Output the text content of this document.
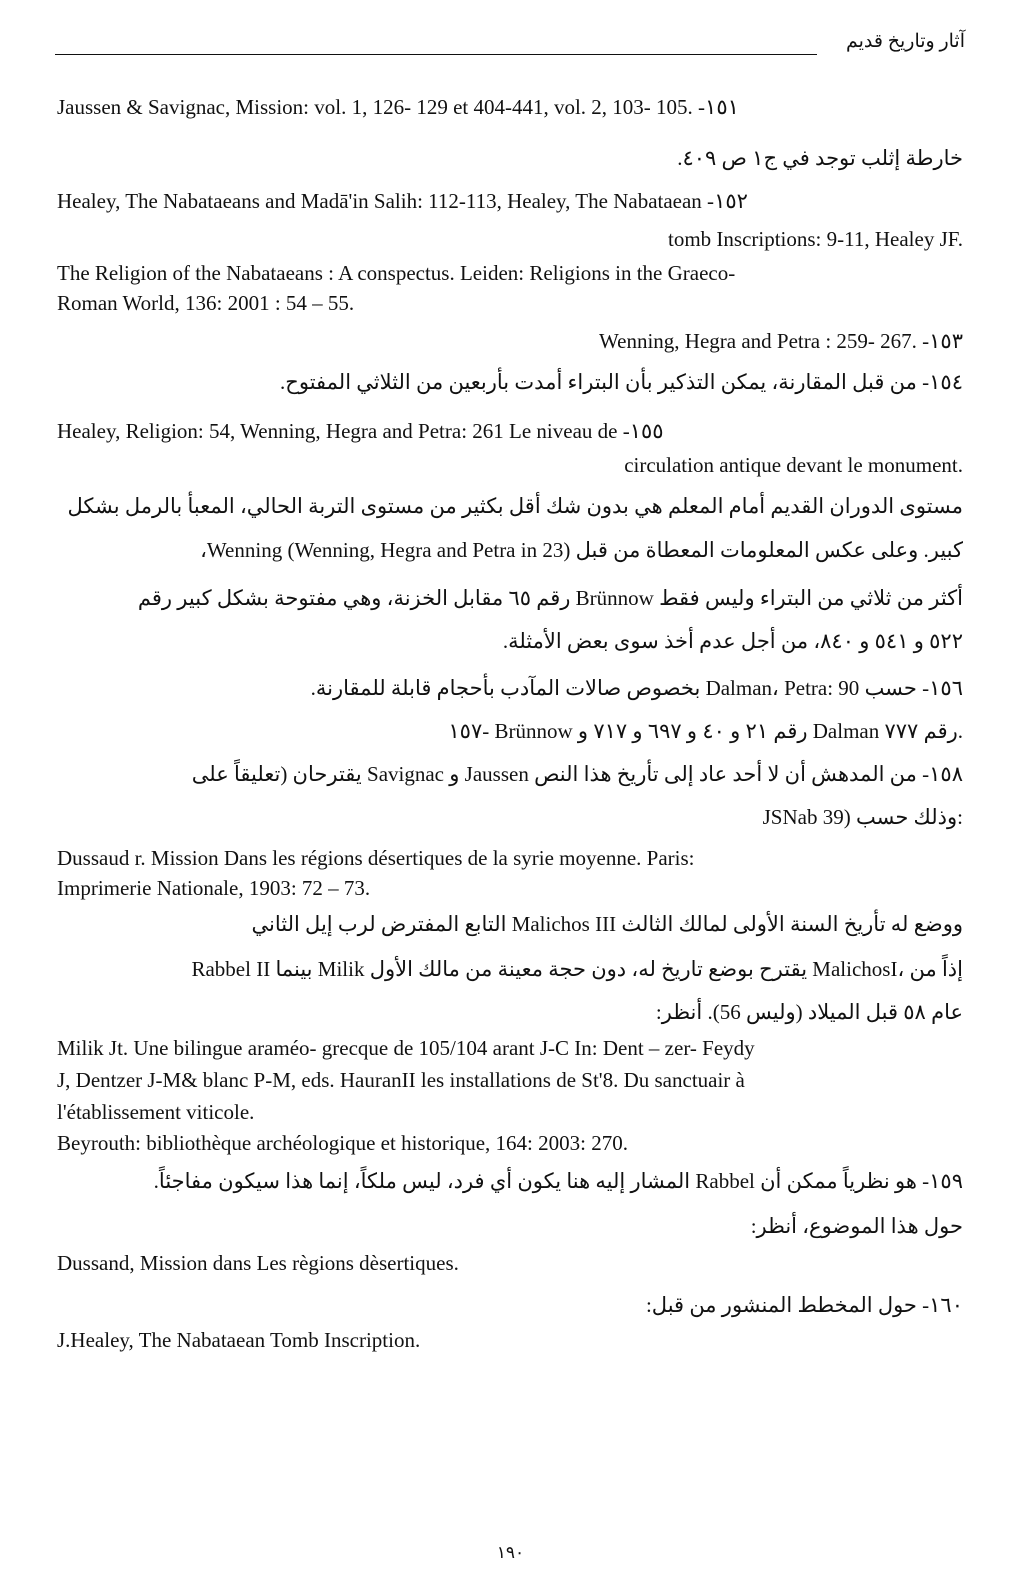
آثار وتاريخ قديم
Jaussen & Savignac, Mission: vol. 1, 126- 129 et 404-441, vol. 2, 103- 105. -١٥١
خارطة إثلب توجد في ج١ ص ٤٠٩.
Healey, The Nabataeans and Madā'in Salih: 112-113, Healey, The Nabataean -١٥٢
tomb Inscriptions: 9-11, Healey JF.
The Religion of the Nabataeans : A conspectus. Leiden: Religions in the Graeco-
Roman World, 136: 2001 : 54 – 55.
Wenning, Hegra and Petra : 259- 267. -١٥٣
١٥٤- من قبل المقارنة، يمكن التذكير بأن البتراء أمدت بأربعين من الثلاثي المفتوح.
Healey, Religion: 54, Wenning, Hegra and Petra: 261 Le niveau de -١٥٥
circulation antique devant le monument.
مستوى الدوران القديم أمام المعلم هي بدون شك أقل بكثير من مستوى التربة الحالي، المعبأ بالرمل بشكل
كبير. وعلى عكس المعلومات المعطاة من قبل Wenning (Wenning, Hegra and Petra in 23)،
أكثر من ثلاثي من البتراء وليس فقط Brünnow رقم ٦٥ مقابل الخزنة، وهي مفتوحة بشكل كبير رقم
٥٢٢ و ٥٤١ و ٨٤٠، من أجل عدم أخذ سوى بعض الأمثلة.
١٥٦- حسب Dalman، Petra: 90 بخصوص صالات المآدب بأحجام قابلة للمقارنة.
١٥٧- Brünnow رقم ٢١ و ٤٠ و ٦٩٧ و ٧١٧ و Dalman رقم ٧٧٧.
١٥٨- من المدهش أن لا أحد عاد إلى تأريخ هذا النص Jaussen و Savignac يقترحان (تعليقاً على
JSNab 39) وذلك حسب:
Dussaud r. Mission Dans les régions désertiques de la syrie moyenne. Paris:
Imprimerie Nationale, 1903: 72 – 73.
ووضع له تأريخ السنة الأولى لمالك الثالث Malichos III التابع المفترض لرب إيل الثاني
Rabbel II بينما Milik يقترح بوضع تاريخ له، دون حجة معينة من مالك الأول MalichosI، إذاً من
عام ٥٨ قبل الميلاد (وليس 56). أنظر:
Milik Jt. Une bilingue araméo- grecque de 105/104 arant J-C In: Dent – zer- Feydy
J, Dentzer J-M& blanc P-M, eds. HauranII les installations de St'8. Du sanctuair à
l'établissement viticole.
Beyrouth: bibliothèque archéologique et historique, 164: 2003: 270.
١٥٩- هو نظرياً ممكن أن Rabbel المشار إليه هنا يكون أي فرد، ليس ملكاً، إنما هذا سيكون مفاجئاً.
حول هذا الموضوع، أنظر:
Dussand, Mission dans Les règions dèsertiques.
١٦٠- حول المخطط المنشور من قبل:
J.Healey, The Nabataean Tomb Inscription.
١٩٠
